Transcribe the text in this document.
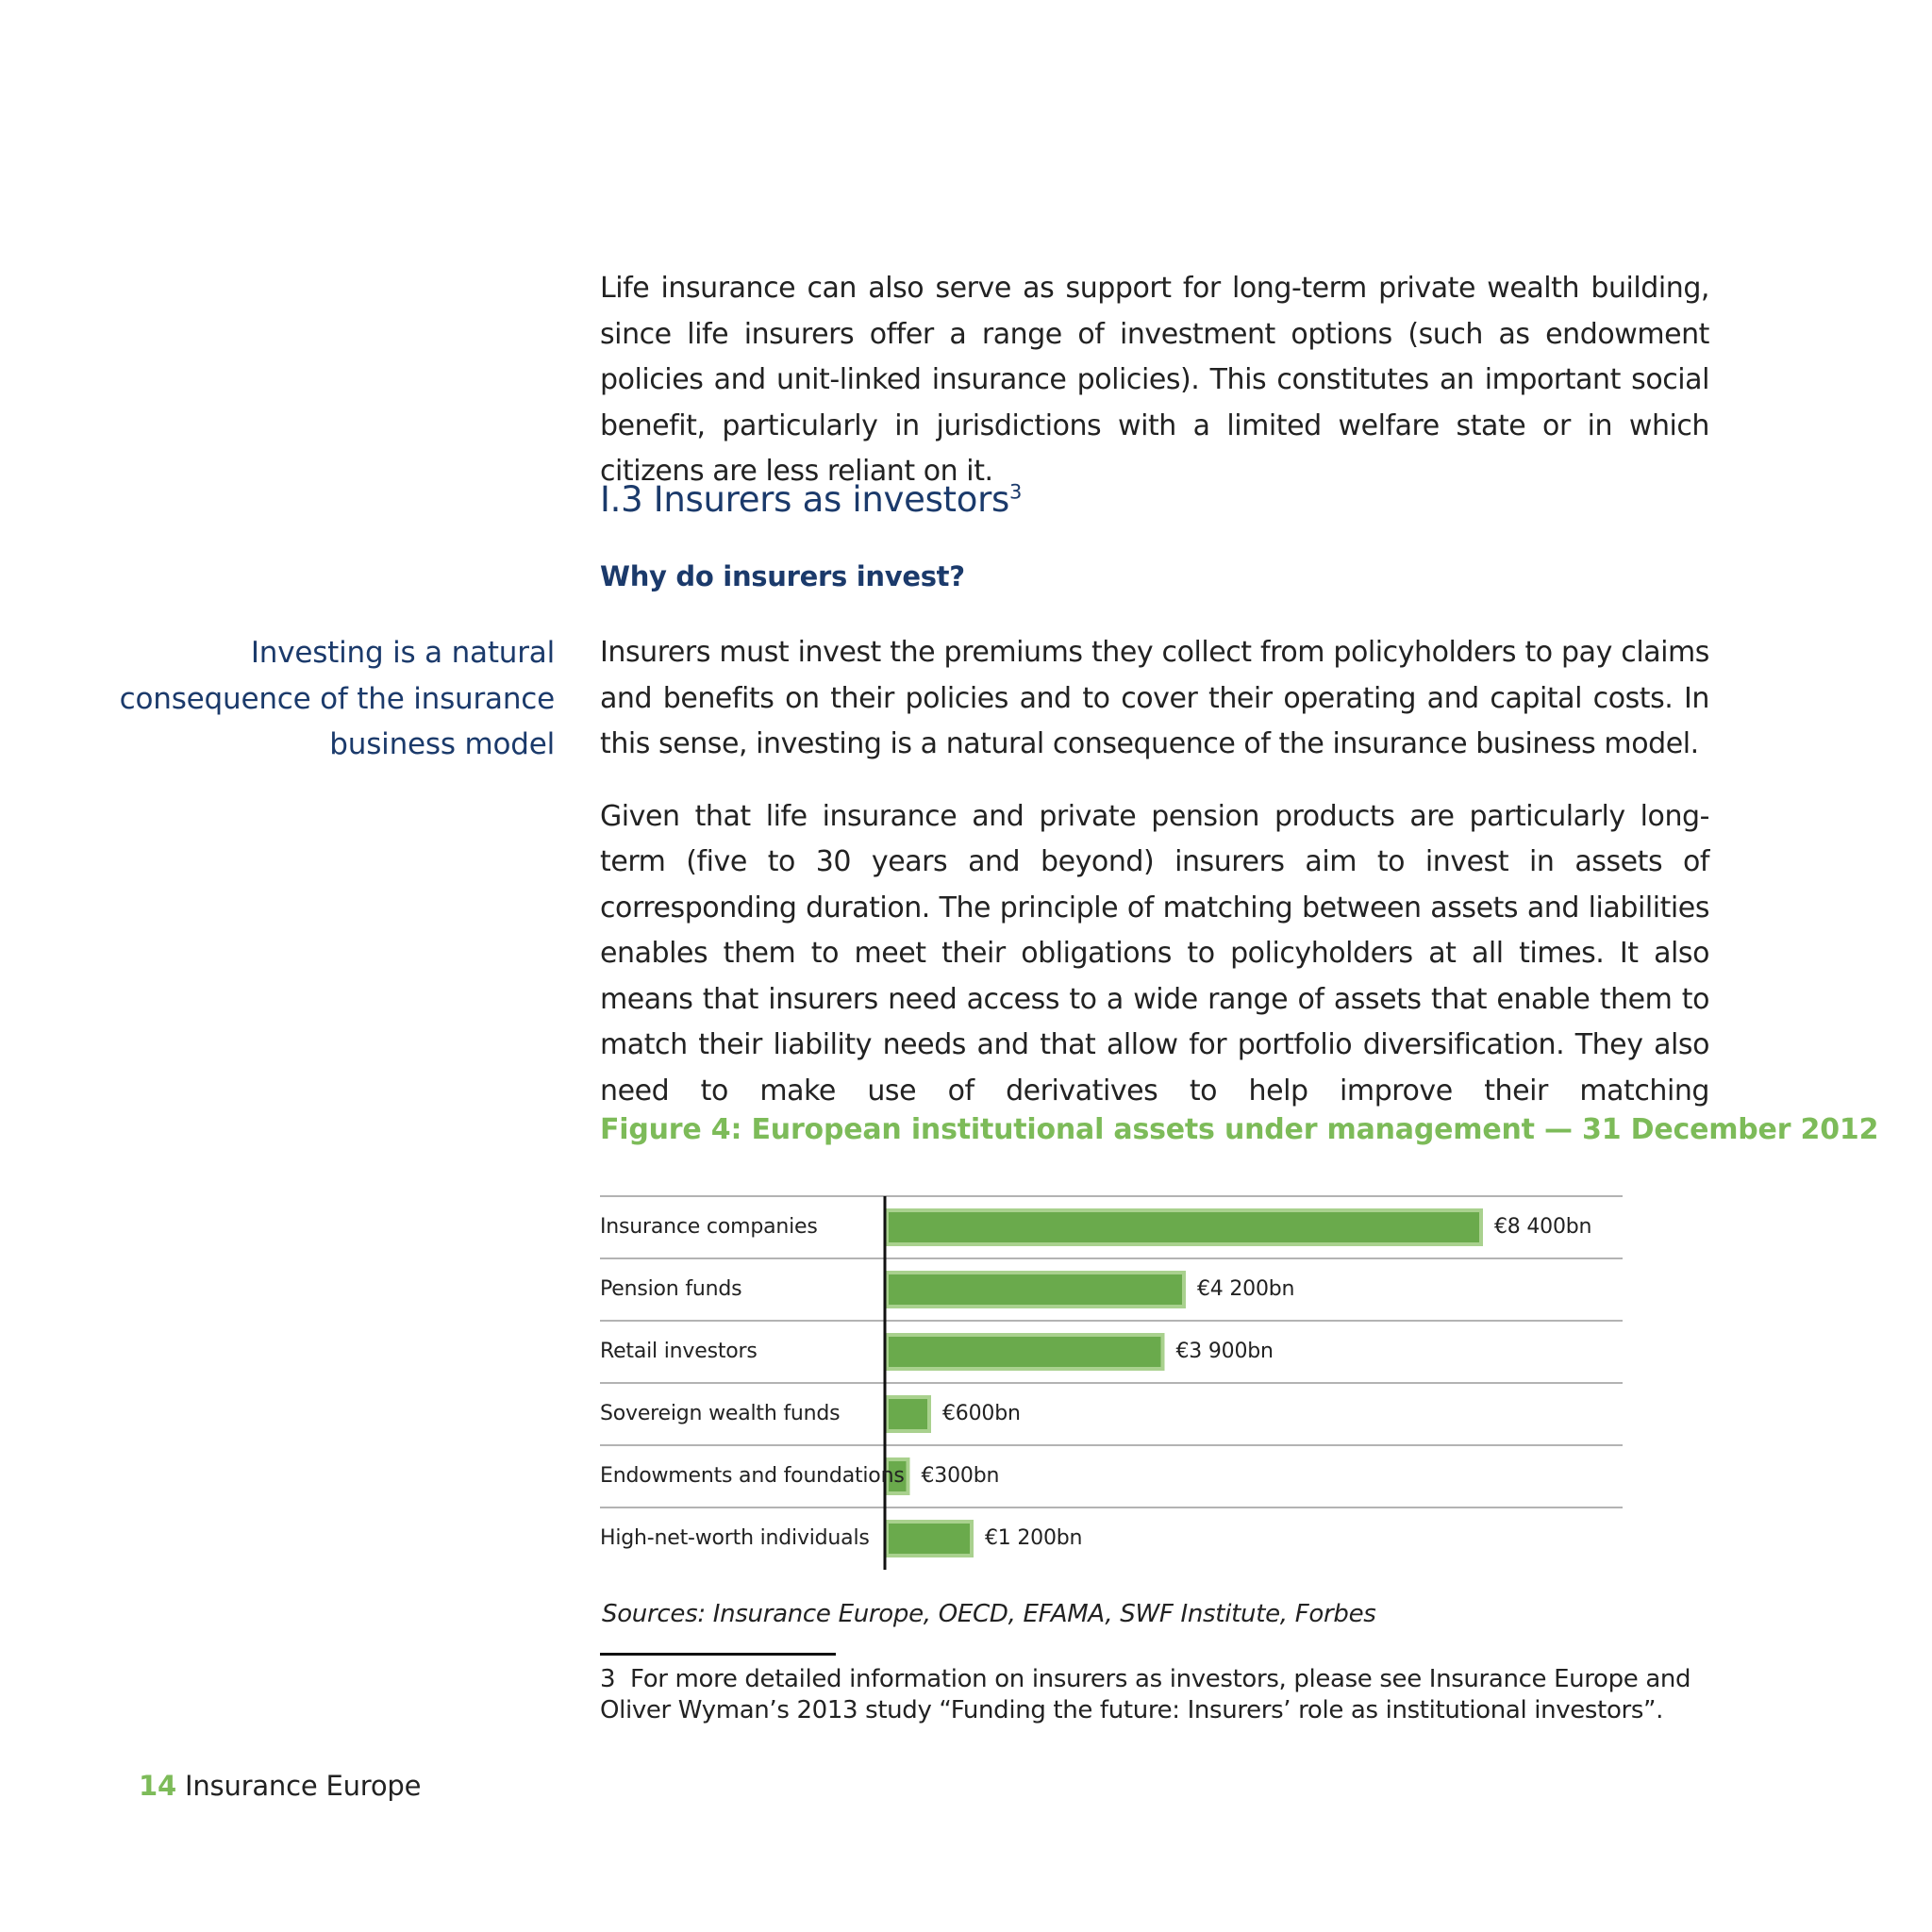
Life insurance can also serve as support for long-term private wealth building, since life insurers offer a range of investment options (such as endowment policies and unit-linked insurance policies). This constitutes an important social benefit, particularly in jurisdictions with a limited welfare state or in which citizens are less reliant on it.

I.3 Insurers as investors$^3$
Why do insurers invest?

Investing is a natural consequence of the insurance business model

Insurers must invest the premiums they collect from policyholders to pay claims and benefits on their policies and to cover their operating and capital costs. In this sense, investing is a natural consequence of the insurance business model.

Given that life insurance and private pension products are particularly long-term (five to 30 years and beyond) insurers aim to invest in assets of corresponding duration. The principle of matching between assets and liabilities enables them to meet their obligations to policyholders at all times. It also means that insurers need access to a wide range of assets that enable them to match their liability needs and that allow for portfolio diversification. They also need to make use of derivatives to help improve their matching

Figure 4: European institutional assets under management — 31 December 2012
Insurance companies	€8 400bn
Pension funds	€4 200bn
Retail investors	€3 900bn
Sovereign wealth funds	€600bn
Endowments and foundations €300bn
High-net-worth individuals	€1 200bn

Sources: Insurance Europe, OECD, EFAMA, SWF Institute, Forbes

3 For more detailed information on insurers as investors, please see Insurance Europe and Oliver Wyman’s 2013 study “Funding the future: Insurers’ role as institutional investors”.

14 Insurance Europe
